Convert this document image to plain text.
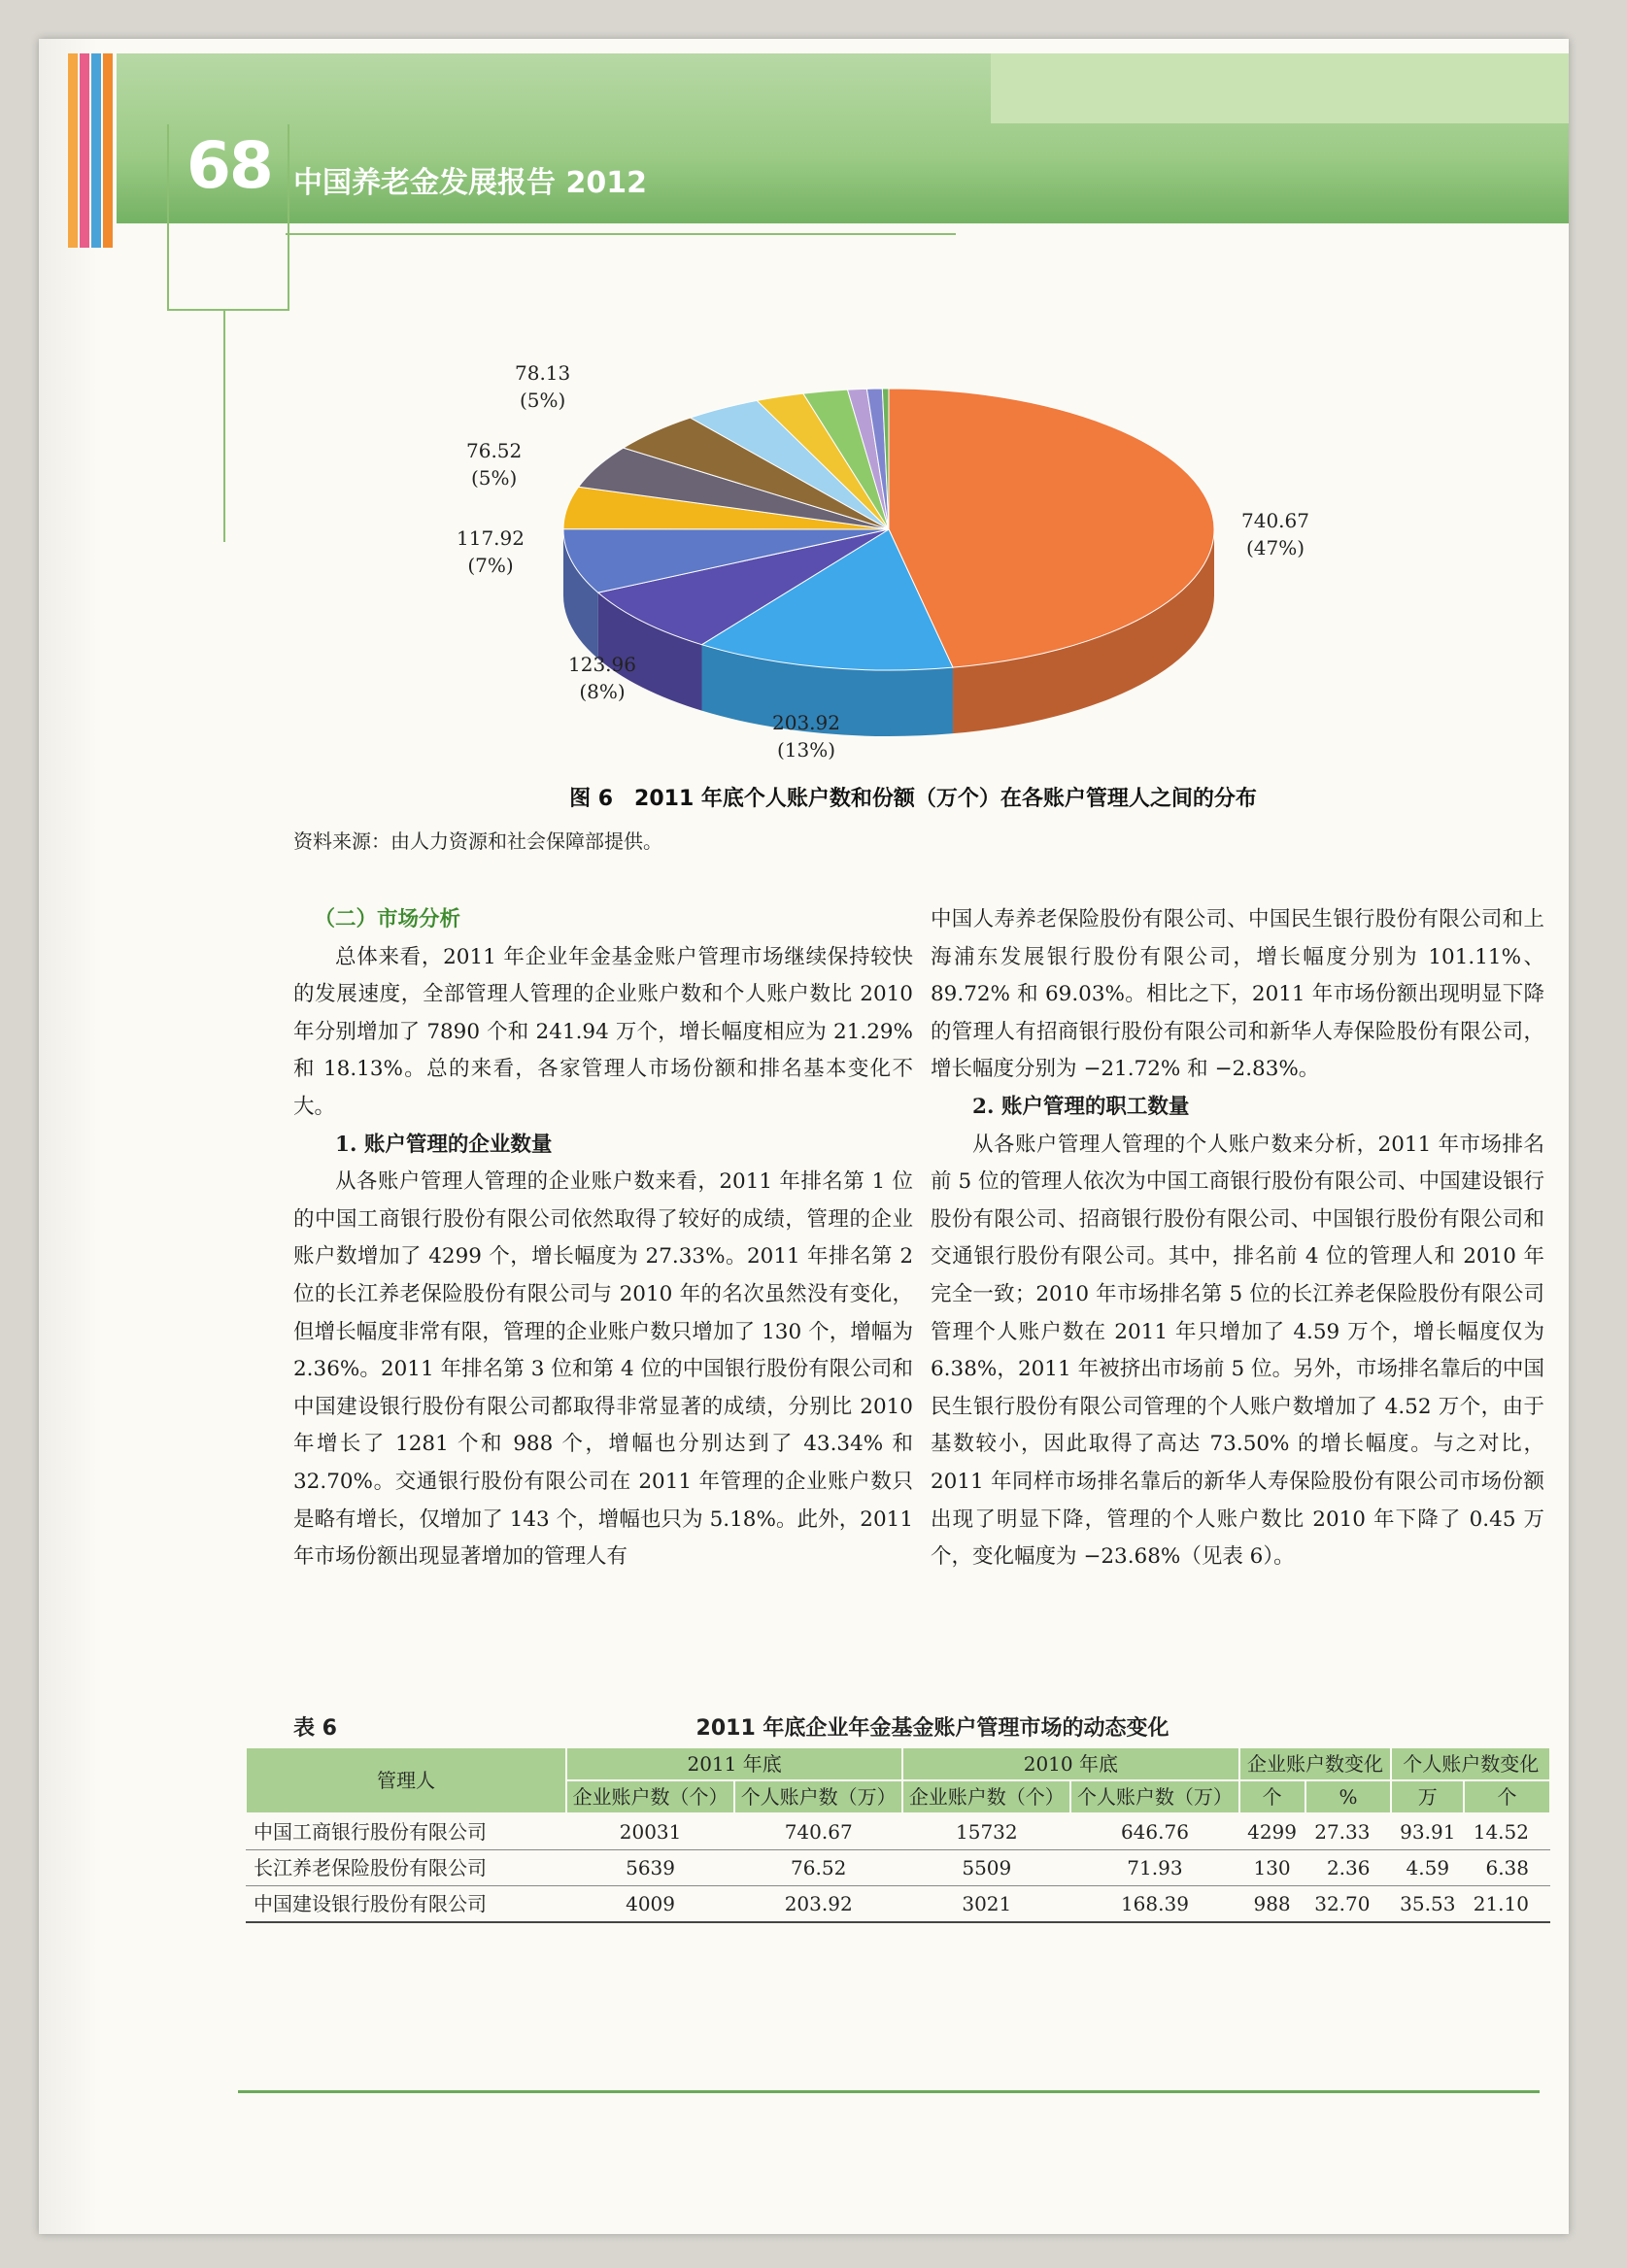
68 中国养老金发展报告 2012
78.13
(5%)
76.52
(5%)
117.92
(7%)
123.96
(8%)
203.92
(13%)
740.67
(47%)
图 6　2011 年底个人账户数和份额（万个）在各账户管理人之间的分布
资料来源：由人力资源和社会保障部提供。

（二）市场分析

总体来看，2011 年企业年金基金账户管理市场继续保持较快的发展速度，全部管理人管理的企业账户数和个人账户数比 2010 年分别增加了 7890 个和 241.94 万个，增长幅度相应为 21.29% 和 18.13%。总的来看，各家管理人市场份额和排名基本变化不大。

1. 账户管理的企业数量

从各账户管理人管理的企业账户数来看，2011 年排名第 1 位的中国工商银行股份有限公司依然取得了较好的成绩，管理的企业账户数增加了 4299 个，增长幅度为 27.33%。2011 年排名第 2 位的长江养老保险股份有限公司与 2010 年的名次虽然没有变化，但增长幅度非常有限，管理的企业账户数只增加了 130 个，增幅为 2.36%。2011 年排名第 3 位和第 4 位的中国银行股份有限公司和中国建设银行股份有限公司都取得非常显著的成绩，分别比 2010 年增长了 1281 个和 988 个，增幅也分别达到了 43.34% 和 32.70%。交通银行股份有限公司在 2011 年管理的企业账户数只是略有增长，仅增加了 143 个，增幅也只为 5.18%。此外，2011 年市场份额出现显著增加的管理人有

中国人寿养老保险股份有限公司、中国民生银行股份有限公司和上海浦东发展银行股份有限公司，增长幅度分别为 101.11%、89.72% 和 69.03%。相比之下，2011 年市场份额出现明显下降的管理人有招商银行股份有限公司和新华人寿保险股份有限公司，增长幅度分别为 −21.72% 和 −2.83%。

2. 账户管理的职工数量

从各账户管理人管理的个人账户数来分析，2011 年市场排名前 5 位的管理人依次为中国工商银行股份有限公司、中国建设银行股份有限公司、招商银行股份有限公司、中国银行股份有限公司和交通银行股份有限公司。其中，排名前 4 位的管理人和 2010 年完全一致；2010 年市场排名第 5 位的长江养老保险股份有限公司管理个人账户数在 2011 年只增加了 4.59 万个，增长幅度仅为 6.38%，2011 年被挤出市场前 5 位。另外，市场排名靠后的中国民生银行股份有限公司管理的个人账户数增加了 4.52 万个，由于基数较小，因此取得了高达 73.50% 的增长幅度。与之对比，2011 年同样市场排名靠后的新华人寿保险股份有限公司市场份额出现了明显下降，管理的个人账户数比 2010 年下降了 0.45 万个，变化幅度为 −23.68%（见表 6）。

表 6	2011 年底企业年金基金账户管理市场的动态变化
管理人	2011 年底		2010 年底		企业账户数变化		个人账户数变化	
	企业账户数（个）	个人账户数（万）	企业账户数（个）	个人账户数（万）	个	%	万	个
中国工商银行股份有限公司	20031	740.67	15732	646.76	4299	27.33	93.91	14.52
长江养老保险股份有限公司	5639	76.52	5509	71.93	130	2.36	4.59	6.38
中国建设银行股份有限公司	4009	203.92	3021	168.39	988	32.70	35.53	21.10
